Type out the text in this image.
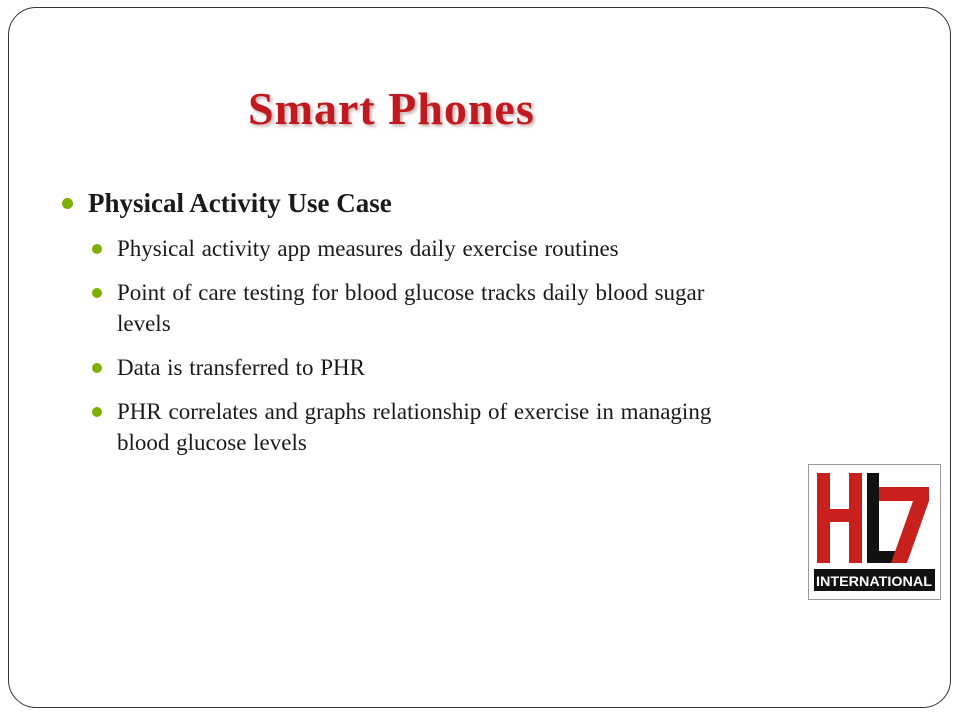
Smart Phones
Physical Activity Use Case
Physical activity app measures daily exercise routines
Point of care testing for blood glucose tracks daily blood sugar levels
Data is transferred to PHR
PHR correlates and graphs relationship of exercise in managing blood glucose levels
INTERNATIONAL
